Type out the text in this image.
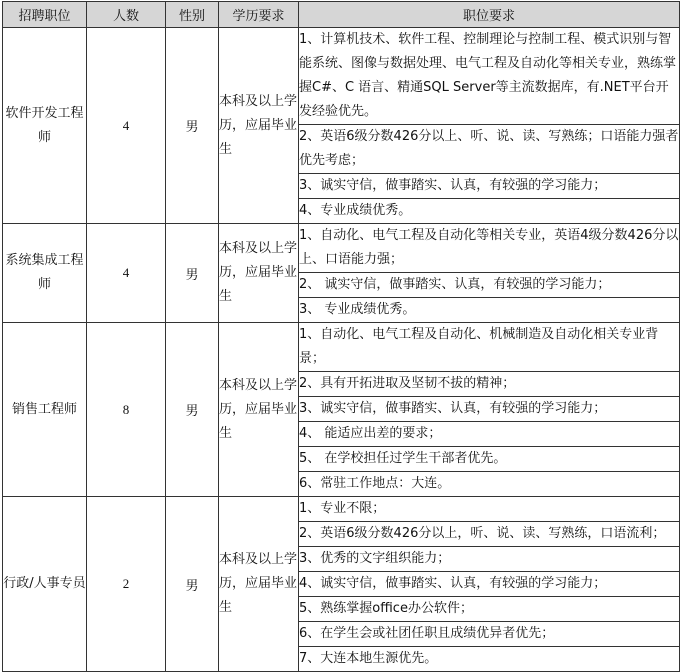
招聘职位	人数	性别	学历要求	职位要求
软件开发工程师	4	男	本科及以上学历，应届毕业生	1、计算机技术、软件工程、控制理论与控制工程、模式识别与智能系统、图像与数据处理、电气工程及自动化等相关专业，熟练掌握C#、C 语言、精通SQL Server等主流数据库，有.NET平台开发经验优先。
				2、英语6级分数426分以上、听、说、读、写熟练；口语能力强者优先考虑；
				3、诚实守信，做事踏实、认真，有较强的学习能力；
				4、专业成绩优秀。
系统集成工程师	4	男	本科及以上学历，应届毕业生	1、自动化、电气工程及自动化等相关专业，英语4级分数426分以上、口语能力强；
				2、 诚实守信，做事踏实、认真，有较强的学习能力；
				3、 专业成绩优秀。
销售工程师	8	男	本科及以上学历，应届毕业生	1、自动化、电气工程及自动化、机械制造及自动化相关专业背景；
				2、具有开拓进取及坚韧不拔的精神；
				3、诚实守信，做事踏实、认真，有较强的学习能力；
				4、 能适应出差的要求；
				5、 在学校担任过学生干部者优先。
				6、常驻工作地点：大连。
行政/人事专员	2	男	本科及以上学历，应届毕业生	1、专业不限；
				2、英语6级分数426分以上，听、说、读、写熟练，口语流利；
				3、优秀的文字组织能力；
				4、诚实守信，做事踏实、认真，有较强的学习能力；
				5、熟练掌握office办公软件；
				6、在学生会或社团任职且成绩优异者优先；
				7、大连本地生源优先。
